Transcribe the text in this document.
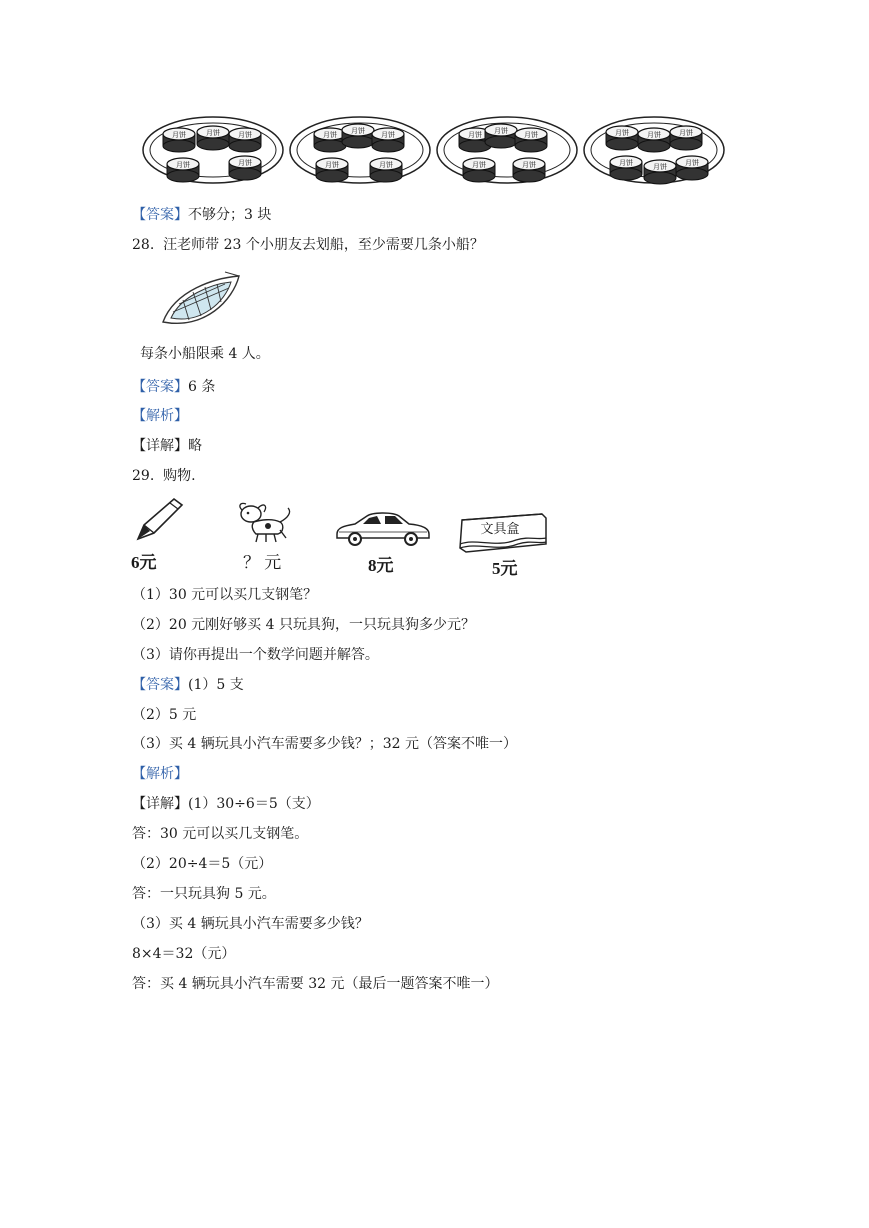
月饼	月饼	月饼
月饼	月饼
月饼 月饼 月饼
月饼	月饼
月饼 月饼 月饼
月饼	月饼
月饼	月饼	月饼
月饼	月饼	月饼
【答案】不够分；3 块
28. 汪老师带 23 个小朋友去划船，至少需要几条小船？
每条小船限乘 4 人。
【答案】6 条
【解析】
【详解】略
29. 购物.
6元	？ 元	8元
文具盒
5元
（1）30 元可以买几支钢笔？
（2）20 元刚好够买 4 只玩具狗，一只玩具狗多少元？
（3）请你再提出一个数学问题并解答。
【答案】(1）5 支
（2）5 元
（3）买 4 辆玩具小汽车需要多少钱？；32 元（答案不唯一）
【解析】
【详解】(1）30÷6＝5（支）
答：30 元可以买几支钢笔。
（2）20÷4＝5（元）
答：一只玩具狗 5 元。
（3）买 4 辆玩具小汽车需要多少钱？
8×4＝32（元）
答：买 4 辆玩具小汽车需要 32 元（最后一题答案不唯一）
